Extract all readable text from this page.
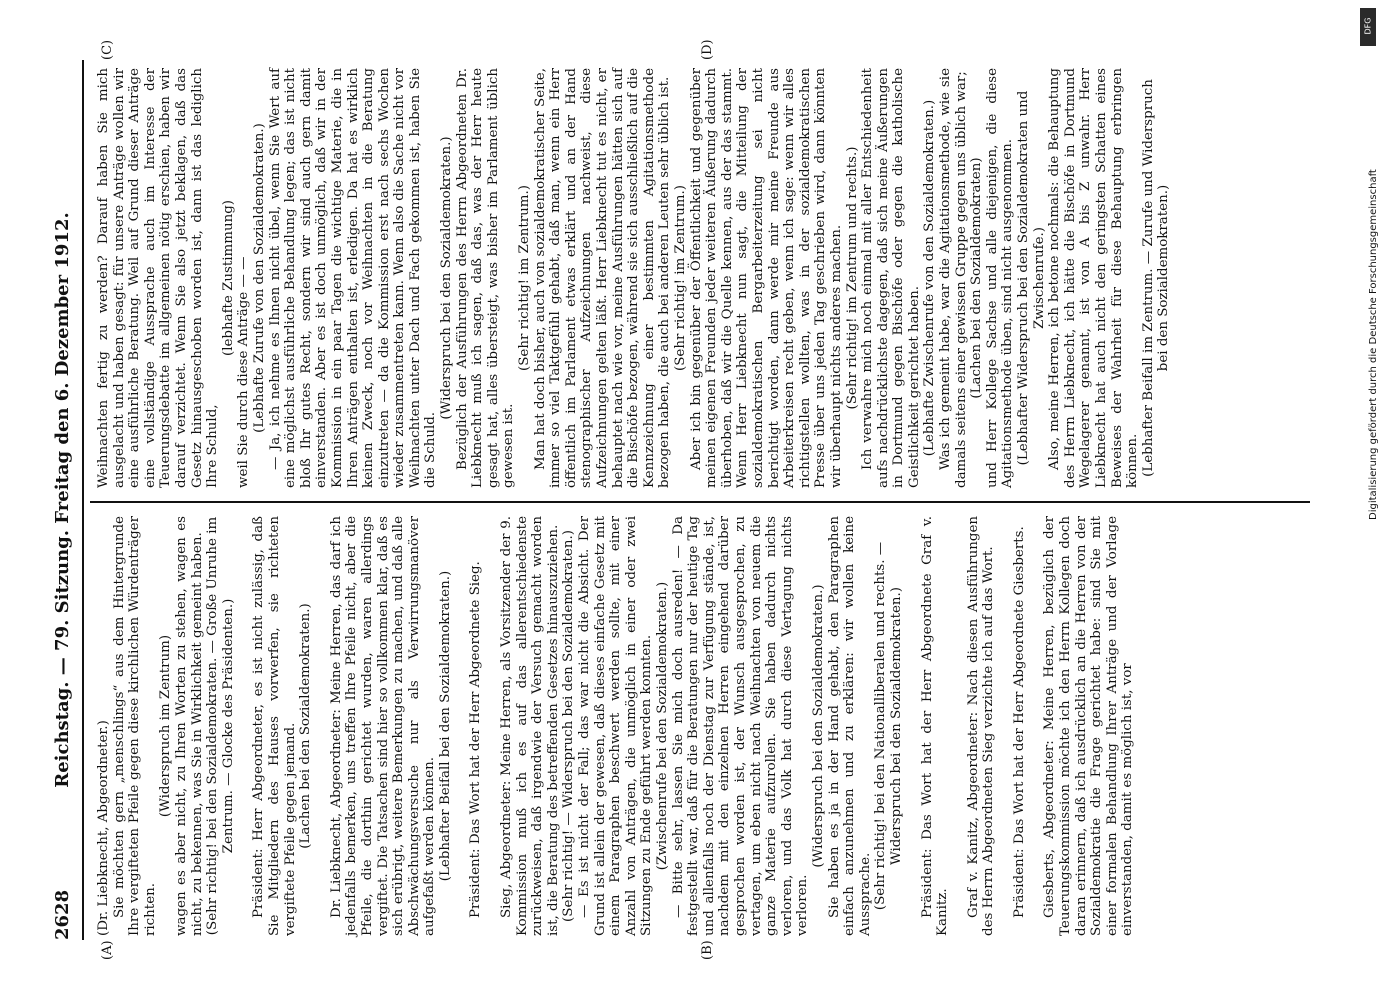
2628
Reichstag. — 79. Sitzung. Freitag den 6. Dezember 1912.
(A)	(B)
(C)	(D)

(Dr. Liebknecht, Abgeordneter.) Sie möchten gern „menschlings“ aus dem Hintergrunde Ihre vergifteten Pfeile gegen diese kirchlichen Würdenträger richten.

(Widerspruch im Zentrum) wagen es aber nicht, zu Ihren Worten zu stehen, wagen es nicht, zu bekennen, was Sie in Wirklichkeit gemeint haben. (Sehr richtig! bei den Sozialdemokraten. — Große Unruhe im Zentrum. — Glocke des Präsidenten.) Präsident: Herr Abgeordneter, es ist nicht zulässig, daß Sie Mitgliedern des Hauses vorwerfen, sie richteten vergiftete Pfeile gegen jemand. (Lachen bei den Sozialdemokraten.) Dr. Liebknecht, Abgeordneter: Meine Herren, das darf ich jedenfalls bemerken, uns treffen Ihre Pfeile nicht, aber die Pfeile, die dorthin gerichtet wurden, waren allerdings vergiftet. Die Tatsachen sind hier so vollkommen klar, daß es sich erübrigt, weitere Bemerkungen zu machen, und daß alle Abschwächungsversuche nur als Verwirrungsmanöver aufgefaßt werden können. (Lebhafter Beifall bei den Sozialdemokraten.) Präsident: Das Wort hat der Herr Abgeordnete Sieg. Sieg, Abgeordneter: Meine Herren, als Vorsitzender der 9. Kommission muß ich es auf das allerentschiedenste zurückweisen, daß irgendwie der Versuch gemacht worden ist, die Beratung des betreffenden Gesetzes hinauszuziehen. (Sehr richtig! — Widerspruch bei den Sozialdemokraten.) — Es ist nicht der Fall; das war nicht die Absicht. Der Grund ist allein der gewesen, daß dieses einfache Gesetz mit einem Paragraphen beschwert werden sollte, mit einer Anzahl von Anträgen, die unmöglich in einer oder zwei Sitzungen zu Ende geführt werden konnten. (Zwischenrufe bei den Sozialdemokraten.) — Bitte sehr, lassen Sie mich doch ausreden! — Da festgestellt war, daß für die Beratungen nur der heutige Tag und allenfalls noch der Dienstag zur Verfügung stände, ist, nachdem mit den einzelnen Herren eingehend darüber gesprochen worden ist, der Wunsch ausgesprochen, zu vertagen, um eben nicht nach Weihnachten von neuem die ganze Materie aufzurollen. Sie haben dadurch nichts verloren, und das Volk hat durch diese Vertagung nichts verloren.

(Widerspruch bei den Sozialdemokraten.) Sie haben es ja in der Hand gehabt, den Paragraphen einfach anzunehmen und zu erklären: wir wollen keine Aussprache. (Sehr richtig! bei den Nationalliberalen und rechts. — Widerspruch bei den Sozialdemokraten.) Präsident: Das Wort hat der Herr Abgeordnete Graf v. Kanitz. Graf v. Kanitz, Abgeordneter: Nach diesen Ausführungen des Herrn Abgeordneten Sieg verzichte ich auf das Wort. Präsident: Das Wort hat der Herr Abgeordnete Giesberts. Giesberts, Abgeordneter: Meine Herren, bezüglich der Teuerungskommission möchte ich den Herrn Kollegen doch daran erinnern, daß ich ausdrücklich an die Herren von der Sozialdemokratie die Frage gerichtet habe: sind Sie mit einer formalen Behandlung Ihrer Anträge und der Vorlage einverstanden, damit es möglich ist, vor

Weihnachten fertig zu werden? Darauf haben Sie mich ausgelacht und haben gesagt: für unsere Anträge wollen wir eine ausführliche Beratung. Weil auf Grund dieser Anträge eine vollständige Aussprache auch im Interesse der Teuerungsdebatte im allgemeinen nötig erschien, haben wir darauf verzichtet. Wenn Sie also jetzt beklagen, daß das Gesetz hinausgeschoben worden ist, dann ist das lediglich Ihre Schuld,

(lebhafte Zustimmung) weil Sie durch diese Anträge — — (Lebhafte Zurufe von den Sozialdemokraten.) — Ja, ich nehme es Ihnen nicht übel, wenn Sie Wert auf eine möglichst ausführliche Behandlung legen; das ist nicht bloß Ihr gutes Recht, sondern wir sind auch gern damit einverstanden. Aber es ist doch unmöglich, daß wir in der Kommission in ein paar Tagen die wichtige Materie, die in Ihren Anträgen enthalten ist, erledigen. Da hat es wirklich keinen Zweck, noch vor Weihnachten in die Beratung einzutreten — da die Kommission erst nach sechs Wochen wieder zusammentreten kann. Wenn also die Sache nicht vor Weihnachten unter Dach und Fach gekommen ist, haben Sie die Schuld.

(Widerspruch bei den Sozialdemokraten.) Bezüglich der Ausführungen des Herrn Abgeordneten Dr. Liebknecht muß ich sagen, daß das, was der Herr heute gesagt hat, alles übersteigt, was bisher im Parlament üblich gewesen ist.

(Sehr richtig! im Zentrum.) Man hat doch bisher, auch von sozialdemokratischer Seite, immer so viel Taktgefühl gehabt, daß man, wenn ein Herr öffentlich im Parlament etwas erklärt und an der Hand stenographischer Aufzeichnungen nachweist, diese Aufzeichnungen gelten läßt. Herr Liebknecht tut es nicht, er behauptet nach wie vor, meine Ausführungen hätten sich auf die Bischöfe bezogen, während sie sich ausschließlich auf die Kennzeichnung einer bestimmten Agitationsmethode bezogen haben, die auch bei anderen Leuten sehr üblich ist. (Sehr richtig! im Zentrum.) Aber ich bin gegenüber der Öffentlichkeit und gegenüber meinen eigenen Freunden jeder weiteren Äußerung dadurch überhoben, daß wir die Quelle kennen, aus der das stammt. Wenn Herr Liebknecht nun sagt, die Mitteilung der sozialdemokratischen Bergarbeiterzeitung sei nicht berichtigt worden, dann werde mir meine Freunde aus Arbeiterkreisen recht geben, wenn ich sage: wenn wir alles richtigstellen wollten, was in der sozialdemokratischen Presse über uns jeden Tag geschrieben wird, dann könnten wir überhaupt nichts anderes machen. (Sehr richtig! im Zentrum und rechts.) Ich verwahre mich noch einmal mit aller Entschiedenheit aufs nachdrücklichste dagegen, daß sich meine Äußerungen in Dortmund gegen Bischöfe oder gegen die katholische Geistlichkeit gerichtet haben. (Lebhafte Zwischenrufe von den Sozialdemokraten.) Was ich gemeint habe, war die Agitationsmethode, wie sie damals seitens einer gewissen Gruppe gegen uns üblich war; (Lachen bei den Sozialdemokraten) und Herr Kollege Sachse und alle diejenigen, die diese Agitationsmethode üben, sind nicht ausgenommen. (Lebhafter Widerspruch bei den Sozialdemokraten und Zwischenrufe.) Also, meine Herren, ich betone nochmals: die Behauptung des Herrn Liebknecht, ich hätte die Bischöfe in Dortmund Wegelagerer genannt, ist von A bis Z unwahr. Herr Liebknecht hat auch nicht den geringsten Schatten eines Beweises der Wahrheit für diese Behauptung erbringen können. (Lebhafter Beifall im Zentrum. — Zurufe und Widerspruch bei den Sozialdemokraten.)

DFG
Digitalisierung gefördert durch die Deutsche Forschungsgemeinschaft
